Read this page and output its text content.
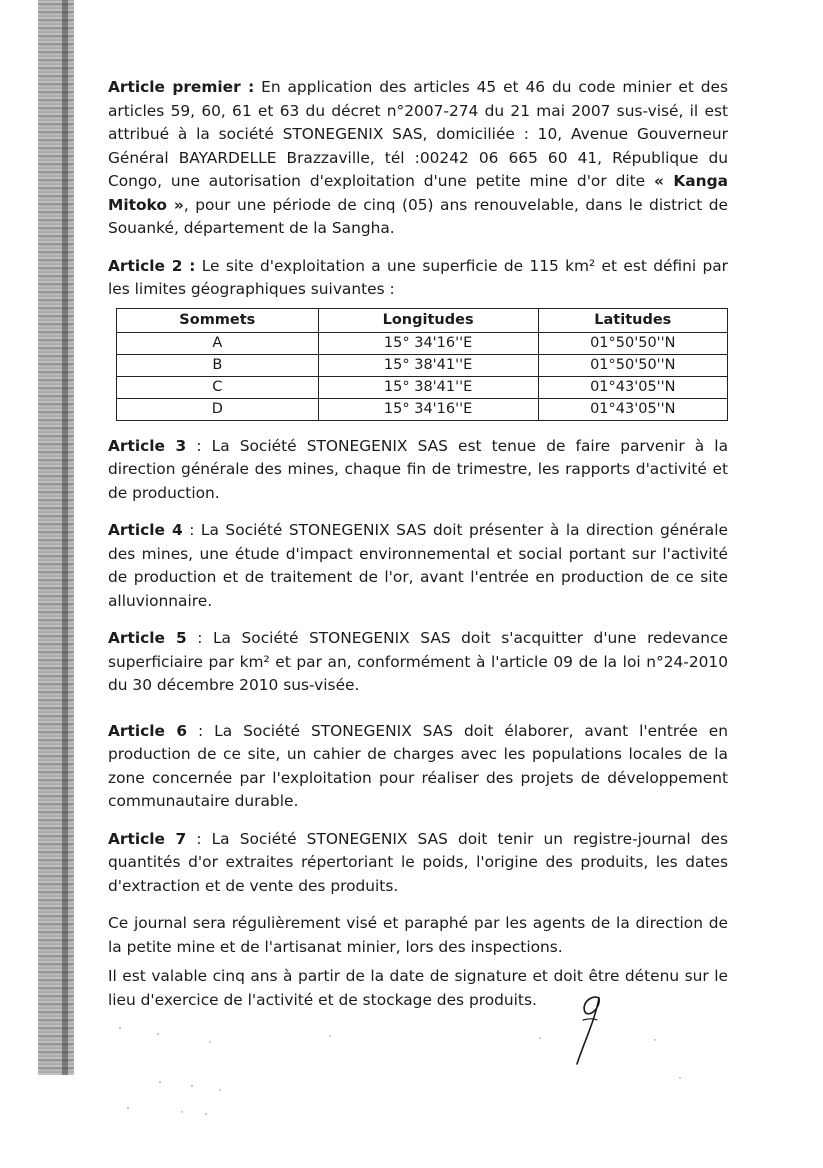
Article premier : En application des articles 45 et 46 du code minier et des articles 59, 60, 61 et 63 du décret n°2007-274 du 21 mai 2007 sus-visé, il est attribué à la société STONEGENIX SAS, domiciliée : 10, Avenue Gouverneur Général BAYARDELLE Brazzaville, tél :00242 06 665 60 41, République du Congo, une autorisation d'exploitation d'une petite mine d'or dite « Kanga Mitoko », pour une période de cinq (05) ans renouvelable, dans le district de Souanké, département de la Sangha.

Article 2 : Le site d'exploitation a une superficie de 115 km² et est défini par les limites géographiques suivantes :

Sommets	Longitudes	Latitudes
A	15° 34'16''E	01°50'50''N
B	15° 38'41''E	01°50'50''N
C	15° 38'41''E	01°43'05''N
D	15° 34'16''E	01°43'05''N

Article 3 : La Société STONEGENIX SAS est tenue de faire parvenir à la direction générale des mines, chaque fin de trimestre, les rapports d'activité et de production.

Article 4 : La Société STONEGENIX SAS doit présenter à la direction générale des mines, une étude d'impact environnemental et social portant sur l'activité de production et de traitement de l'or, avant l'entrée en production de ce site alluvionnaire.

Article 5 : La Société STONEGENIX SAS doit s'acquitter d'une redevance superficiaire par km² et par an, conformément à l'article 09 de la loi n°24-2010 du 30 décembre 2010 sus-visée.

Article 6 : La Société STONEGENIX SAS doit élaborer, avant l'entrée en production de ce site, un cahier de charges avec les populations locales de la zone concernée par l'exploitation pour réaliser des projets de développement communautaire durable.

Article 7 : La Société STONEGENIX SAS doit tenir un registre-journal des quantités d'or extraites répertoriant le poids, l'origine des produits, les dates d'extraction et de vente des produits.

Ce journal sera régulièrement visé et paraphé par les agents de la direction de la petite mine et de l'artisanat minier, lors des inspections.

Il est valable cinq ans à partir de la date de signature et doit être détenu sur le lieu d'exercice de l'activité et de stockage des produits.
